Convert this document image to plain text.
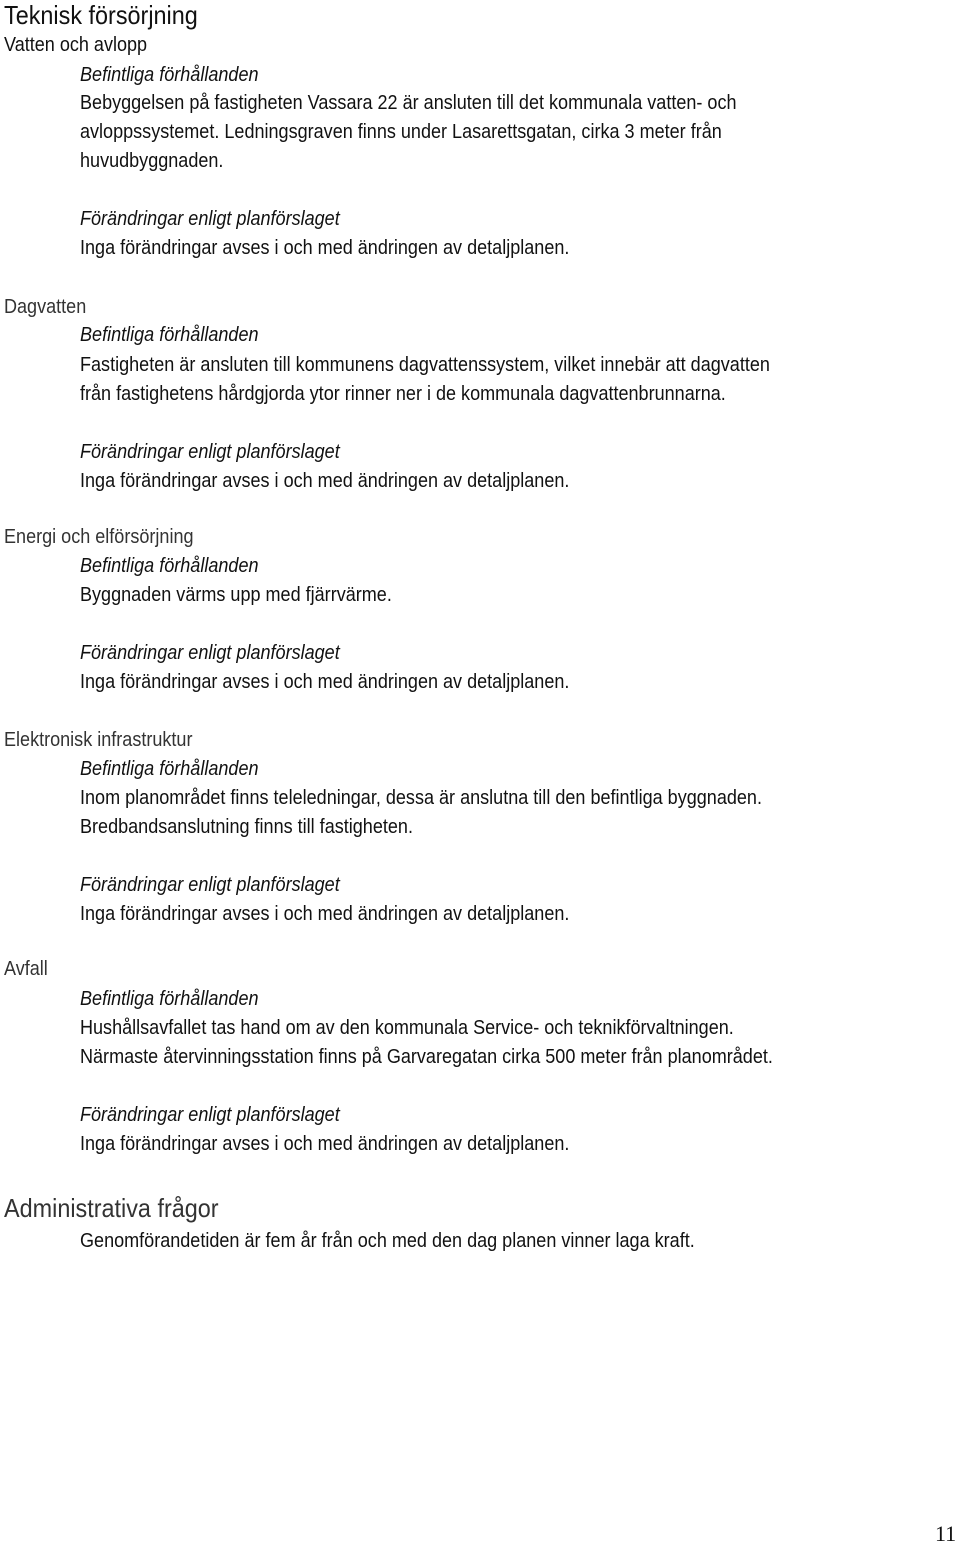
Teknisk försörjning
Vatten och avlopp
Befintliga förhållanden
Bebyggelsen på fastigheten Vassara 22 är ansluten till det kommunala vatten- och
avloppssystemet. Ledningsgraven finns under Lasarettsgatan, cirka 3 meter från
huvudbyggnaden.
Förändringar enligt planförslaget
Inga förändringar avses i och med ändringen av detaljplanen.
Dagvatten
Befintliga förhållanden
Fastigheten är ansluten till kommunens dagvattenssystem, vilket innebär att dagvatten
från fastighetens hårdgjorda ytor rinner ner i de kommunala dagvattenbrunnarna.
Förändringar enligt planförslaget
Inga förändringar avses i och med ändringen av detaljplanen.
Energi och elförsörjning
Befintliga förhållanden
Byggnaden värms upp med fjärrvärme.
Förändringar enligt planförslaget
Inga förändringar avses i och med ändringen av detaljplanen.
Elektronisk infrastruktur
Befintliga förhållanden
Inom planområdet finns teleledningar, dessa är anslutna till den befintliga byggnaden.
Bredbandsanslutning finns till fastigheten.
Förändringar enligt planförslaget
Inga förändringar avses i och med ändringen av detaljplanen.
Avfall
Befintliga förhållanden
Hushållsavfallet tas hand om av den kommunala Service- och teknikförvaltningen.
Närmaste återvinningsstation finns på Garvaregatan cirka 500 meter från planområdet.
Förändringar enligt planförslaget
Inga förändringar avses i och med ändringen av detaljplanen.
Administrativa frågor
Genomförandetiden är fem år från och med den dag planen vinner laga kraft.
11
